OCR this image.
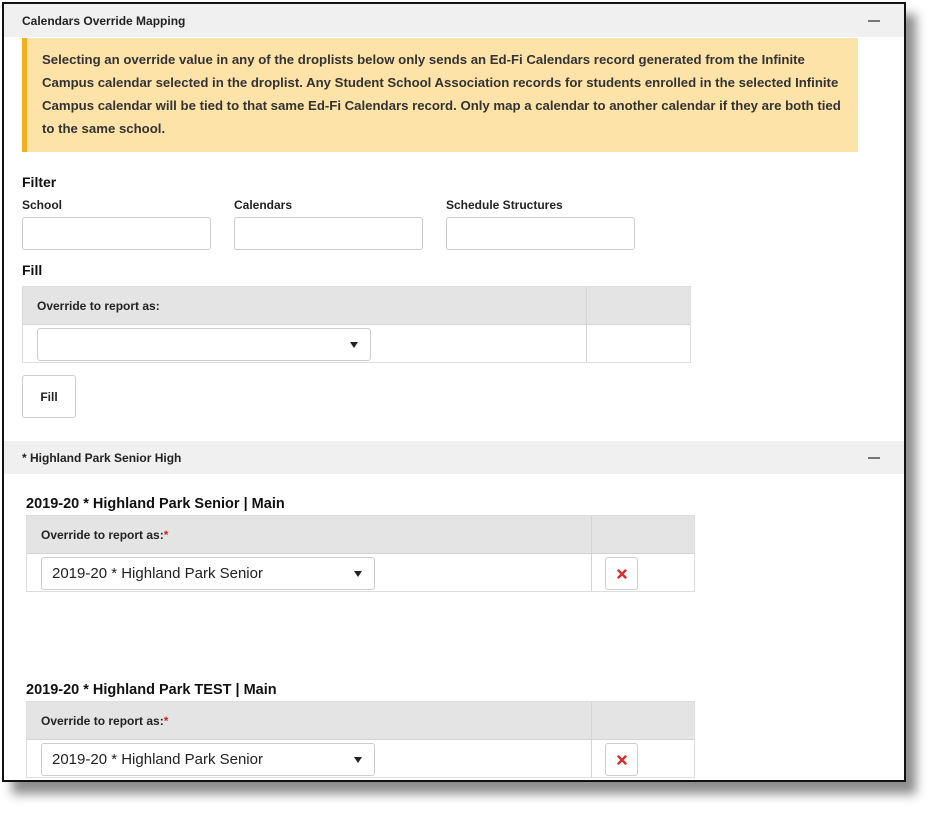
Calendars Override Mapping
Selecting an override value in any of the droplists below only sends an Ed-Fi Calendars record generated from the Infinite Campus calendar selected in the droplist. Any Student School Association records for students enrolled in the selected Infinite Campus calendar will be tied to that same Ed-Fi Calendars record. Only map a calendar to another calendar if they are both tied to the same school.
Filter
School	Calendars	Schedule Structures
Fill
Override to report as:
Fill
* Highland Park Senior High
2019-20 * Highland Park Senior | Main
Override to report as:*
2019-20 * Highland Park Senior
2019-20 * Highland Park TEST | Main
Override to report as:*
2019-20 * Highland Park Senior
